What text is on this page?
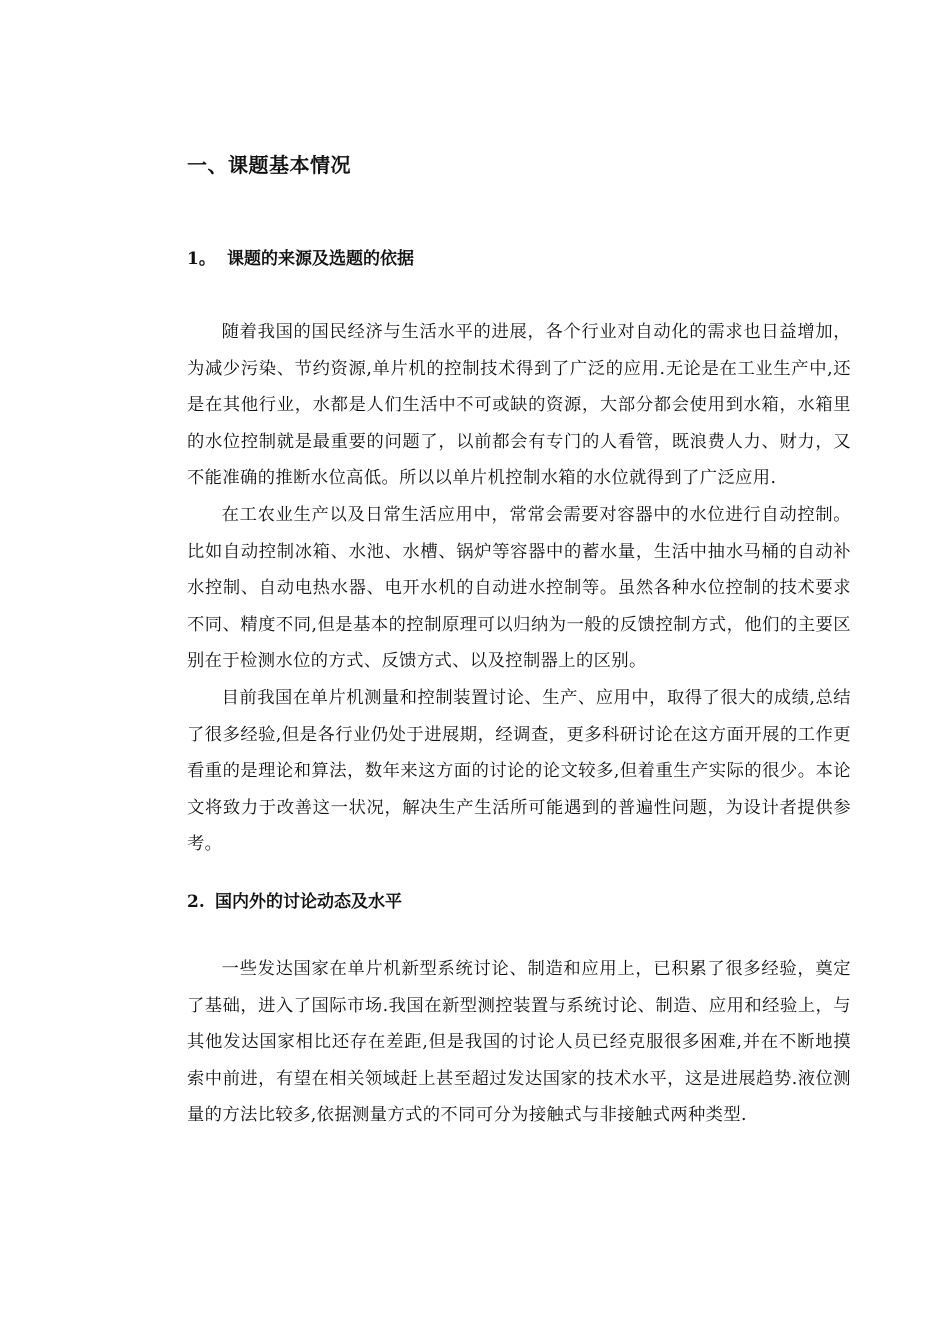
一、课题基本情况
1。 课题的来源及选题的依据

随着我国的国民经济与生活水平的进展，各个行业对自动化的需求也日益增加，为减少污染、节约资源,单片机的控制技术得到了广泛的应用.无论是在工业生产中,还是在其他行业，水都是人们生活中不可或缺的资源，大部分都会使用到水箱，水箱里的水位控制就是最重要的问题了，以前都会有专门的人看管，既浪费人力、财力，又不能准确的推断水位高低。所以以单片机控制水箱的水位就得到了广泛应用.

在工农业生产以及日常生活应用中，常常会需要对容器中的水位进行自动控制。比如自动控制冰箱、水池、水槽、锅炉等容器中的蓄水量，生活中抽水马桶的自动补水控制、自动电热水器、电开水机的自动进水控制等。虽然各种水位控制的技术要求不同、精度不同,但是基本的控制原理可以归纳为一般的反馈控制方式，他们的主要区别在于检测水位的方式、反馈方式、以及控制器上的区别。

目前我国在单片机测量和控制装置讨论、生产、应用中，取得了很大的成绩,总结了很多经验,但是各行业仍处于进展期，经调查，更多科研讨论在这方面开展的工作更看重的是理论和算法，数年来这方面的讨论的论文较多,但着重生产实际的很少。本论文将致力于改善这一状况，解决生产生活所可能遇到的普遍性问题，为设计者提供参考。

2. 国内外的讨论动态及水平

一些发达国家在单片机新型系统讨论、制造和应用上，已积累了很多经验，奠定了基础，进入了国际市场.我国在新型测控装置与系统讨论、制造、应用和经验上，与其他发达国家相比还存在差距,但是我国的讨论人员已经克服很多困难,并在不断地摸索中前进，有望在相关领域赶上甚至超过发达国家的技术水平，这是进展趋势.液位测量的方法比较多,依据测量方式的不同可分为接触式与非接触式两种类型.
